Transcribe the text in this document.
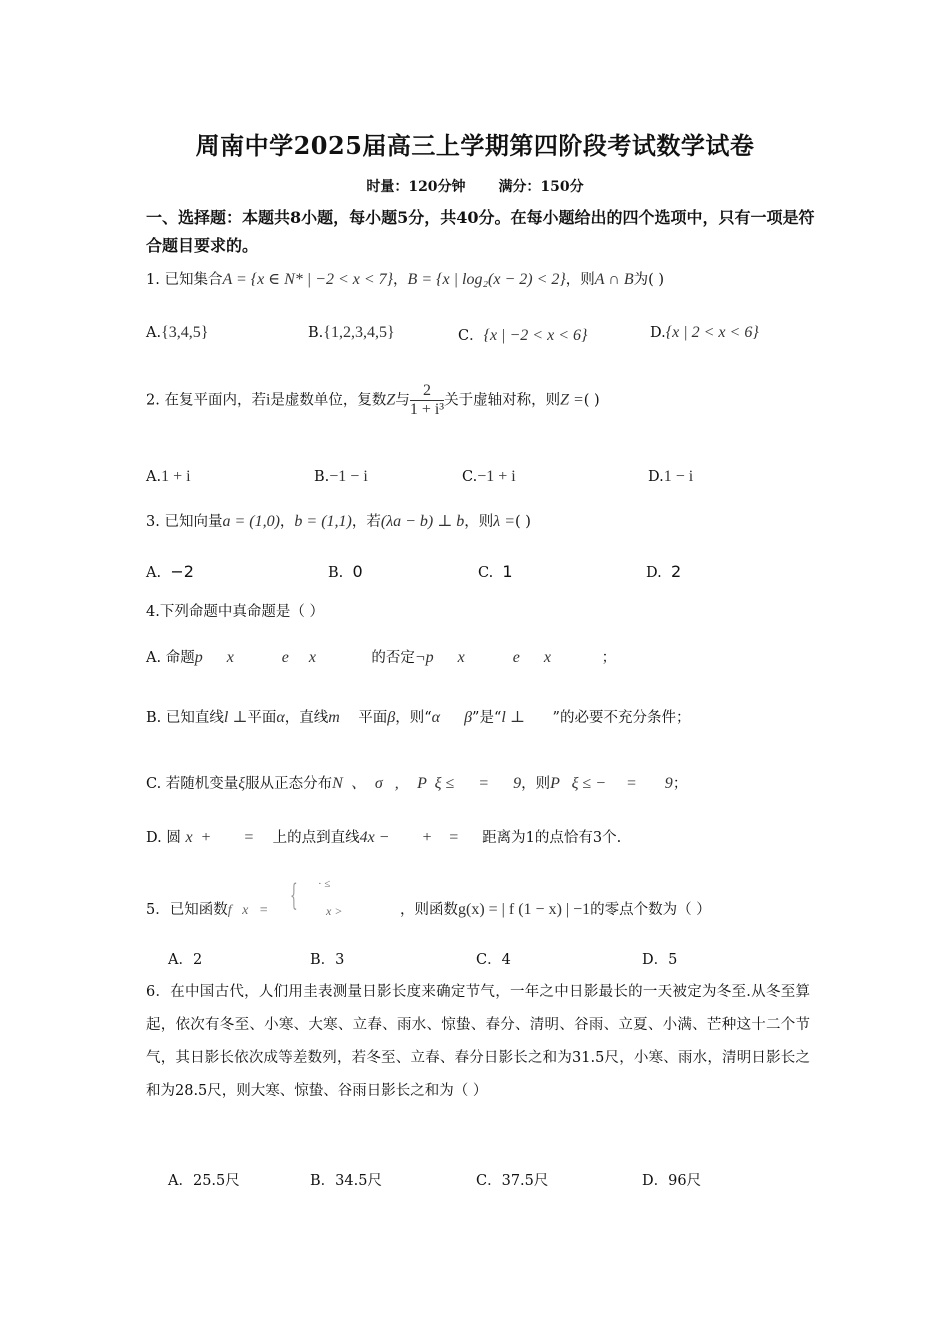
周南中学2025届高三上学期第四阶段考试数学试卷
时量：120分钟 满分：150分
一、选择题：本题共8小题，每小题5分，共40分。在每小题给出的四个选项中，只有一项是符合题目要求的。
1. 已知集合A = {x ∈ N* | −2 < x < 7}，B = {x | log₂(x − 2) < 2}，则A ∩ B为( )
A.{3,4,5}	B.{1,2,3,4,5}	C．{x | −2 < x < 6}	D.{x | 2 < x < 6}
2. 在复平面内，若i是虚数单位，复数Z与 $\frac{2}{\text{1 + i³}}$关于虚轴对称，则Z =( )
A.1 + i	B.−1 − i	C.−1 + i	D.1 − i
3. 已知向量a = (1,0)，b = (1,1)，若(λa − b) ⊥ b，则λ =( )
A. −2	B. 0	C. 1	D. 2
4.下列命题中真命题是（ ）
A. 命题p      x            e     x	的否定¬p      x            e      x	；
B. 已知直线l ⊥平面α，直线m 平面β，则“α      β”是“l ⊥ ”的必要不充分条件；
C. 若随机变量ξ服从正态分布N  、  σ   , P  ξ ≤      =      9，则P   ξ ≤ −     =       9；
D. 圆 x  +        = 上的点到直线4x −        +    = 距离为1的点恰有3个.
{ · ≤
x >
5．已知函数f   x   =	，则函数g(x) = | f (1 − x) | −1的零点个数为（ ）
A．2	B．3	C．4	D．5
6．在中国古代，人们用圭表测量日影长度来确定节气，一年之中日影最长的一天被定为冬至.从冬至算起，依次有冬至、小寒、大寒、立春、雨水、惊蛰、春分、清明、谷雨、立夏、小满、芒种这十二个节气，其日影长依次成等差数列，若冬至、立春、春分日影长之和为31.5尺，小寒、雨水，清明日影长之和为28.5尺，则大寒、惊蛰、谷雨日影长之和为（ ）
A．25.5尺	B．34.5尺	C．37.5尺	D．96尺
